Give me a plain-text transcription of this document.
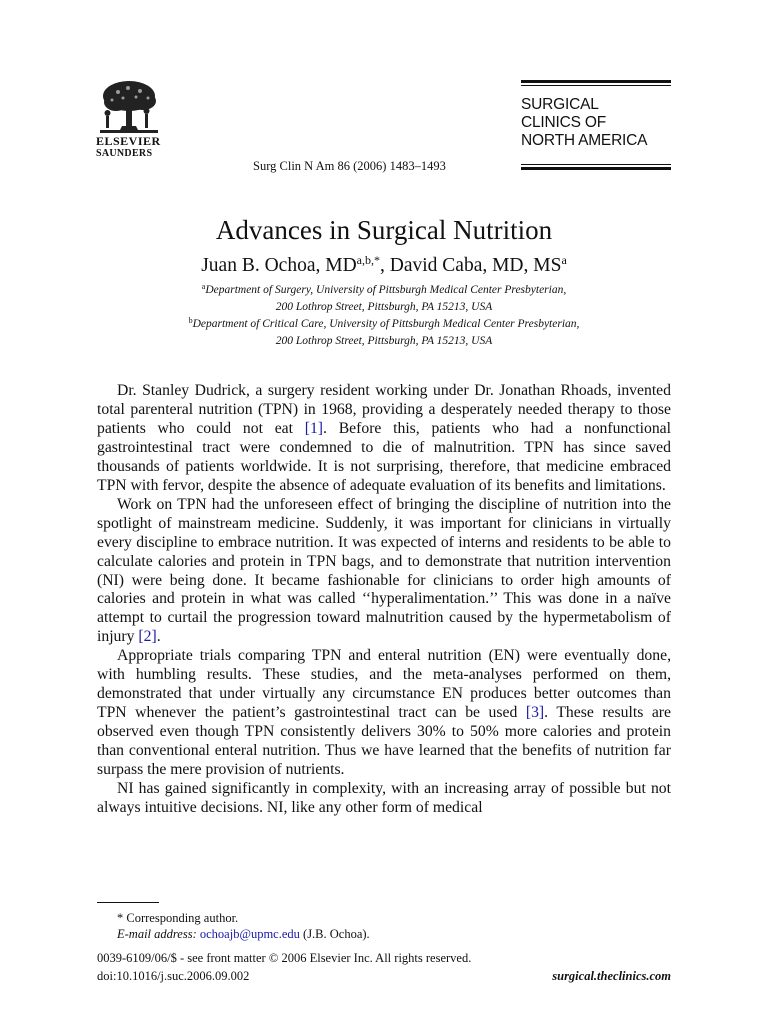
ELSEVIER
SAUNDERS
Surg Clin N Am 86 (2006) 1483–1493
SURGICAL
CLINICS OF
NORTH AMERICA
Advances in Surgical Nutrition
Juan B. Ochoa, $MD^{a,b,*}$, David Caba, MD, $MS^a$
$^a$Department of Surgery, University of Pittsburgh Medical Center Presbyterian,
200 Lothrop Street, Pittsburgh, PA 15213, USA
$^b$Department of Critical Care, University of Pittsburgh Medical Center Presbyterian,
200 Lothrop Street, Pittsburgh, PA 15213, USA

Dr. Stanley Dudrick, a surgery resident working under Dr. Jonathan Rhoads, invented total parenteral nutrition (TPN) in 1968, providing a desperately needed therapy to those patients who could not eat [1]. Before this, patients who had a nonfunctional gastrointestinal tract were condemned to die of malnutrition. TPN has since saved thousands of patients worldwide. It is not surprising, therefore, that medicine embraced TPN with fervor, despite the absence of adequate evaluation of its benefits and limitations.

Work on TPN had the unforeseen effect of bringing the discipline of nutrition into the spotlight of mainstream medicine. Suddenly, it was important for clinicians in virtually every discipline to embrace nutrition. It was expected of interns and residents to be able to calculate calories and protein in TPN bags, and to demonstrate that nutrition intervention (NI) were being done. It became fashionable for clinicians to order high amounts of calories and protein in what was called ‘‘hyperalimentation.’’ This was done in a naïve attempt to curtail the progression toward malnutrition caused by the hypermetabolism of injury [2].

Appropriate trials comparing TPN and enteral nutrition (EN) were eventually done, with humbling results. These studies, and the meta-analyses performed on them, demonstrated that under virtually any circumstance EN produces better outcomes than TPN whenever the patient’s gastrointestinal tract can be used [3]. These results are observed even though TPN consistently delivers 30% to 50% more calories and protein than conventional enteral nutrition. Thus we have learned that the benefits of nutrition far surpass the mere provision of nutrients.

NI has gained significantly in complexity, with an increasing array of possible but not always intuitive decisions. NI, like any other form of medical

* Corresponding author.
E-mail address: ochoajb@upmc.edu (J.B. Ochoa).
0039-6109/06/$ - see front matter © 2006 Elsevier Inc. All rights reserved.
doi:10.1016/j.suc.2006.09.002	surgical.theclinics.com
